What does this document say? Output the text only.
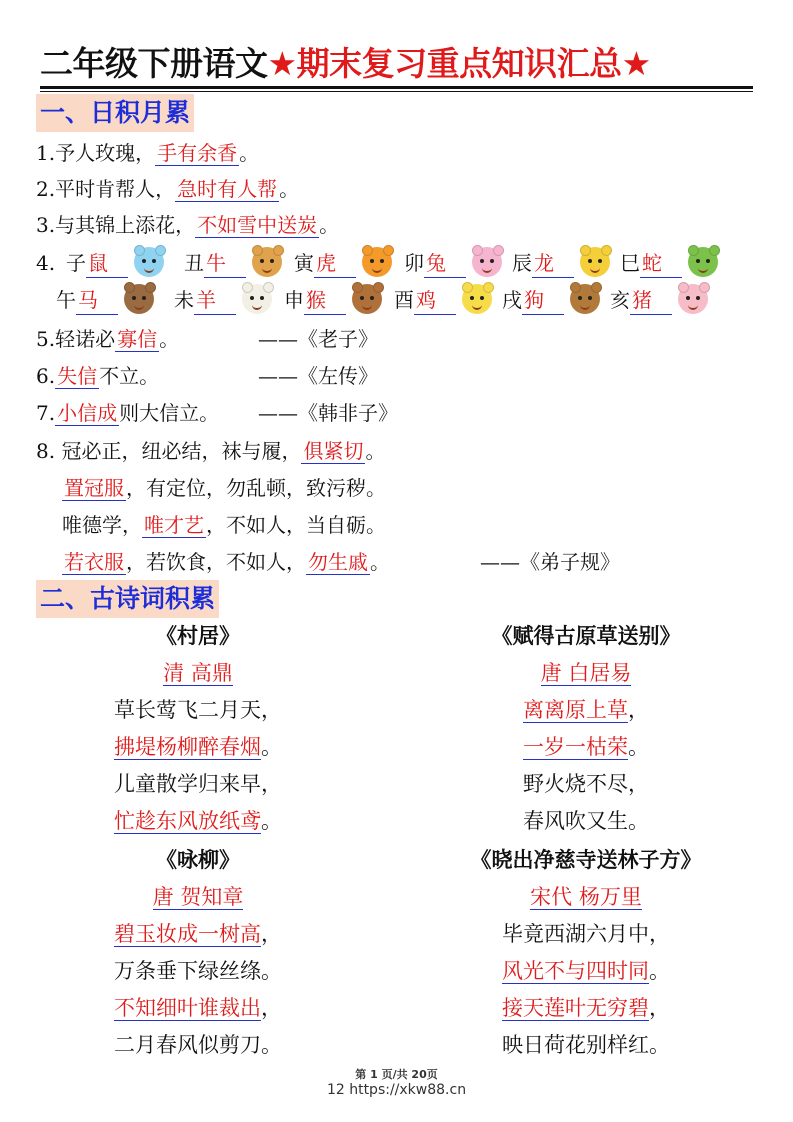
二年级下册语文★期末复习重点知识汇总★
一、日积月累
1.予人玫瑰， 手有余香 。
2.平时肯帮人， 急时有人帮 。
3.与其锦上添花， 不如雪中送炭 。
4. 子 鼠	丑 牛	寅 虎	卯 兔	辰 龙	巳 蛇
午 马	未 羊	申 猴	酉 鸡	戌 狗	亥 猪
5.轻诺必 寡信 。	——《老子》
6. 失信 不立。	——《左传》
7. 小信成 则大信立。 ——《韩非子》
8. 冠必正，纽必结，袜与履， 俱紧切 。
置冠服 ，有定位，勿乱顿，致污秽。
唯德学， 唯才艺 ，不如人，当自砺。
若衣服 ，若饮食，不如人， 勿生戚 。	——《弟子规》
二、古诗词积累
《村居》
清 高鼎
草长莺飞二月天，
拂堤杨柳醉春烟。
儿童散学归来早，
忙趁东风放纸鸢。
《赋得古原草送别》
唐 白居易
离离原上草，
一岁一枯荣。
野火烧不尽，
春风吹又生。
《咏柳》
唐 贺知章
碧玉妆成一树高，
万条垂下绿丝绦。
不知细叶谁裁出，
二月春风似剪刀。
《晓出净慈寺送林子方》
宋代 杨万里
毕竟西湖六月中，
风光不与四时同。
接天莲叶无穷碧，
映日荷花别样红。
第 1 页/共 20页
12 https://xkw88.cn
